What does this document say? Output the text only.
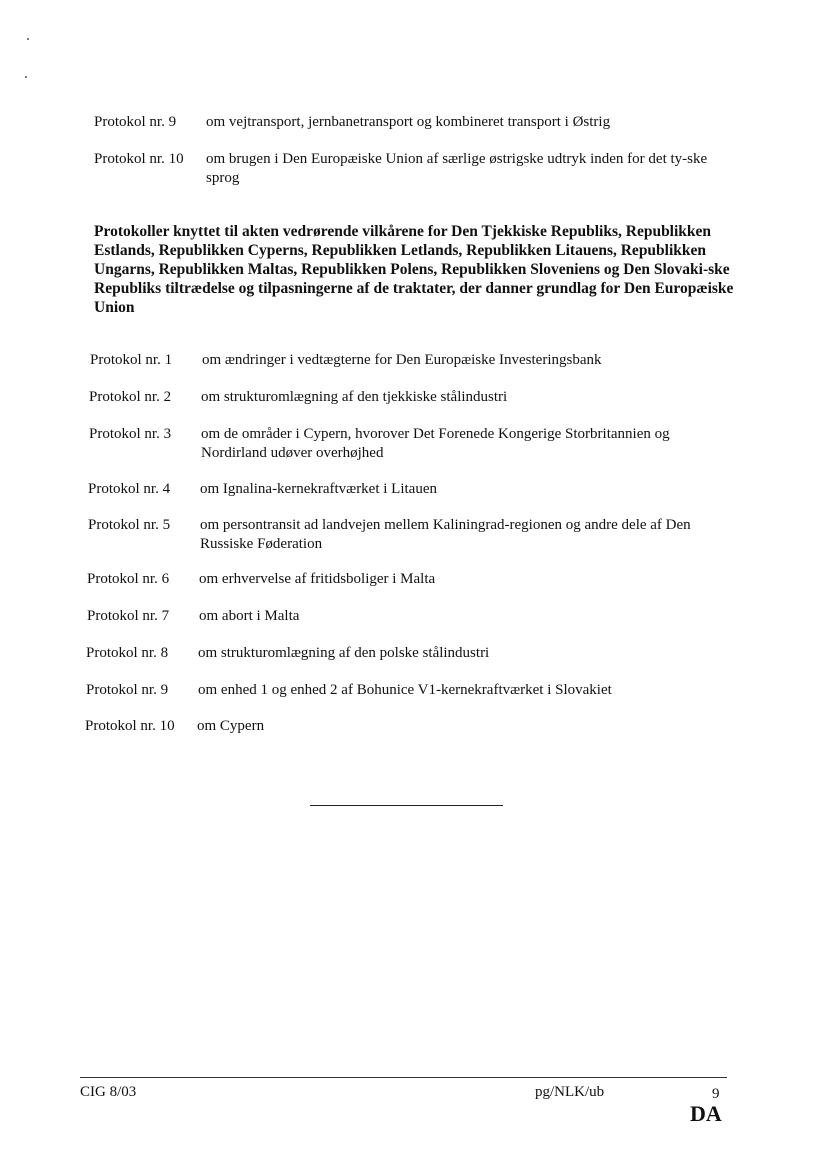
Protokol nr. 9	om vejtransport, jernbanetransport og kombineret transport i Østrig
Protokol nr. 10	om brugen i Den Europæiske Union af særlige østrigske udtryk inden for det ty-ske sprog
Protokoller knyttet til akten vedrørende vilkårene for Den Tjekkiske Republiks, Republikken Estlands, Republikken Cyperns, Republikken Letlands, Republikken Litauens, Republikken Ungarns, Republikken Maltas, Republikken Polens, Republikken Sloveniens og Den Slovaki-ske Republiks tiltrædelse og tilpasningerne af de traktater, der danner grundlag for Den Europæiske Union
Protokol nr. 1	om ændringer i vedtægterne for Den Europæiske Investeringsbank
Protokol nr. 2	om strukturomlægning af den tjekkiske stålindustri
Protokol nr. 3	om de områder i Cypern, hvorover Det Forenede Kongerige Storbritannien og Nordirland udøver overhøjhed
Protokol nr. 4	om Ignalina-kernekraftværket i Litauen
Protokol nr. 5	om persontransit ad landvejen mellem Kaliningrad-regionen og andre dele af Den Russiske Føderation
Protokol nr. 6	om erhvervelse af fritidsboliger i Malta
Protokol nr. 7	om abort i Malta
Protokol nr. 8	om strukturomlægning af den polske stålindustri
Protokol nr. 9	om enhed 1 og enhed 2 af Bohunice V1-kernekraftværket i Slovakiet
Protokol nr. 10	om Cypern
CIG 8/03	pg/NLK/ub	9
DA
